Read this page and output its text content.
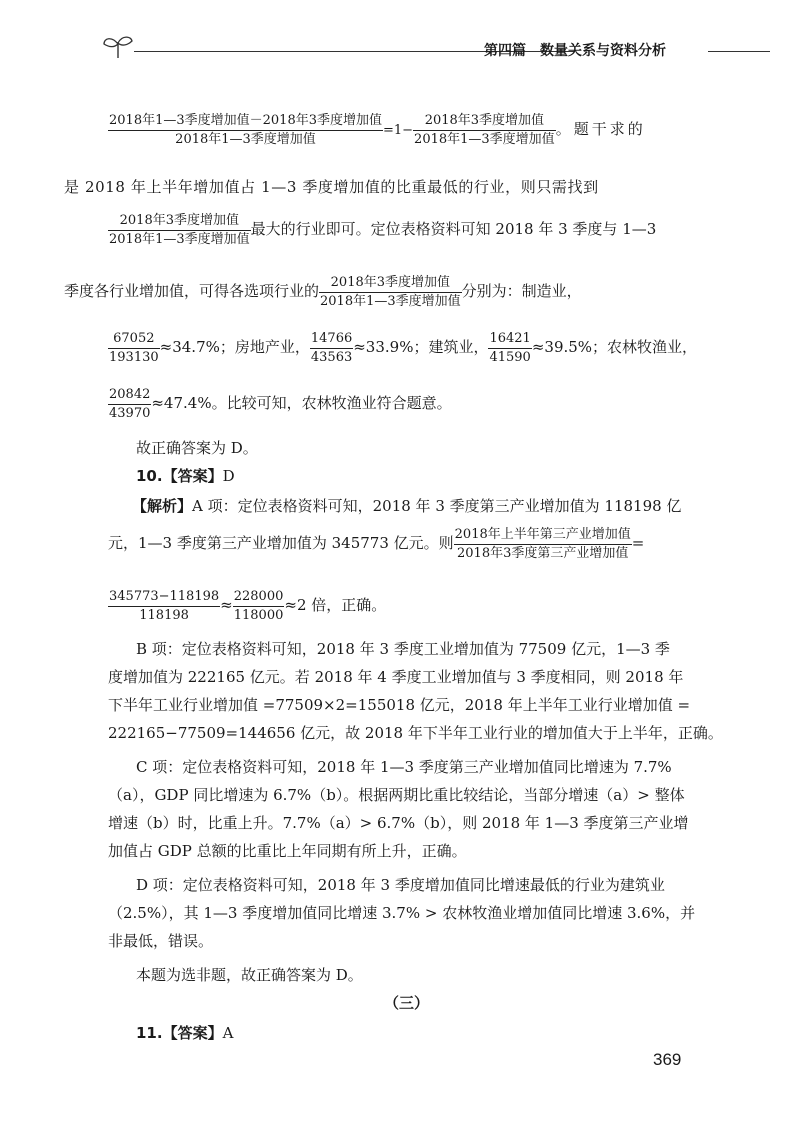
第四篇　数量关系与资料分析
$\frac{\text{2018年1—3季度增加值－2018年3季度增加值}}{\text{2018年1—3季度增加值}} =1- \frac{\text{2018年3季度增加值}}{\text{2018年1—3季度增加值}}$ 。题干求的
是 2018 年上半年增加值占 1—3 季度增加值的比重最低的行业，则只需找到
$\frac{\text{2018年3季度增加值}}{\text{2018年1—3季度增加值}}$ 最大的行业即可。定位表格资料可知 2018 年 3 季度与 1—3
季度各行业增加值，可得各选项行业的 $\frac{\text{2018年3季度增加值}}{\text{2018年1—3季度增加值}}$ 分别为：制造业，
$\frac{67052}{193130} \approx 34.7\%$；房地产业， $\frac{14766}{43563} \approx 33.9\%$；建筑业， $\frac{16421}{41590} \approx 39.5\%$；农林牧渔业，
$\frac{20842}{43970} \approx 47.4\%$。比较可知，农林牧渔业符合题意。
故正确答案为 D。
10.【答案】D
【解析】A 项：定位表格资料可知，2018 年 3 季度第三产业增加值为 118198 亿
元，1—3 季度第三产业增加值为 345773 亿元。则 $\frac{\text{2018年上半年第三产业增加值}}{\text{2018年3季度第三产业增加值}}$ =
$\frac{345773-118198}{118198} \approx \frac{228000}{118000} \approx 2$ 倍，正确。
B 项：定位表格资料可知，2018 年 3 季度工业增加值为 77509 亿元，1—3 季
度增加值为 222165 亿元。若 2018 年 4 季度工业增加值与 3 季度相同，则 2018 年
下半年工业行业增加值 =77509×2=155018 亿元，2018 年上半年工业行业增加值 =
222165−77509=144656 亿元，故 2018 年下半年工业行业的增加值大于上半年，正确。
C 项：定位表格资料可知，2018 年 1—3 季度第三产业增加值同比增速为 7.7%
（a），GDP 同比增速为 6.7%（b）。根据两期比重比较结论，当部分增速（a）> 整体
增速（b）时，比重上升。7.7%（a）> 6.7%（b），则 2018 年 1—3 季度第三产业增
加值占 GDP 总额的比重比上年同期有所上升，正确。
D 项：定位表格资料可知，2018 年 3 季度增加值同比增速最低的行业为建筑业
（2.5%），其 1—3 季度增加值同比增速 3.7% > 农林牧渔业增加值同比增速 3.6%，并
非最低，错误。
本题为选非题，故正确答案为 D。
（三）
11.【答案】A
369
